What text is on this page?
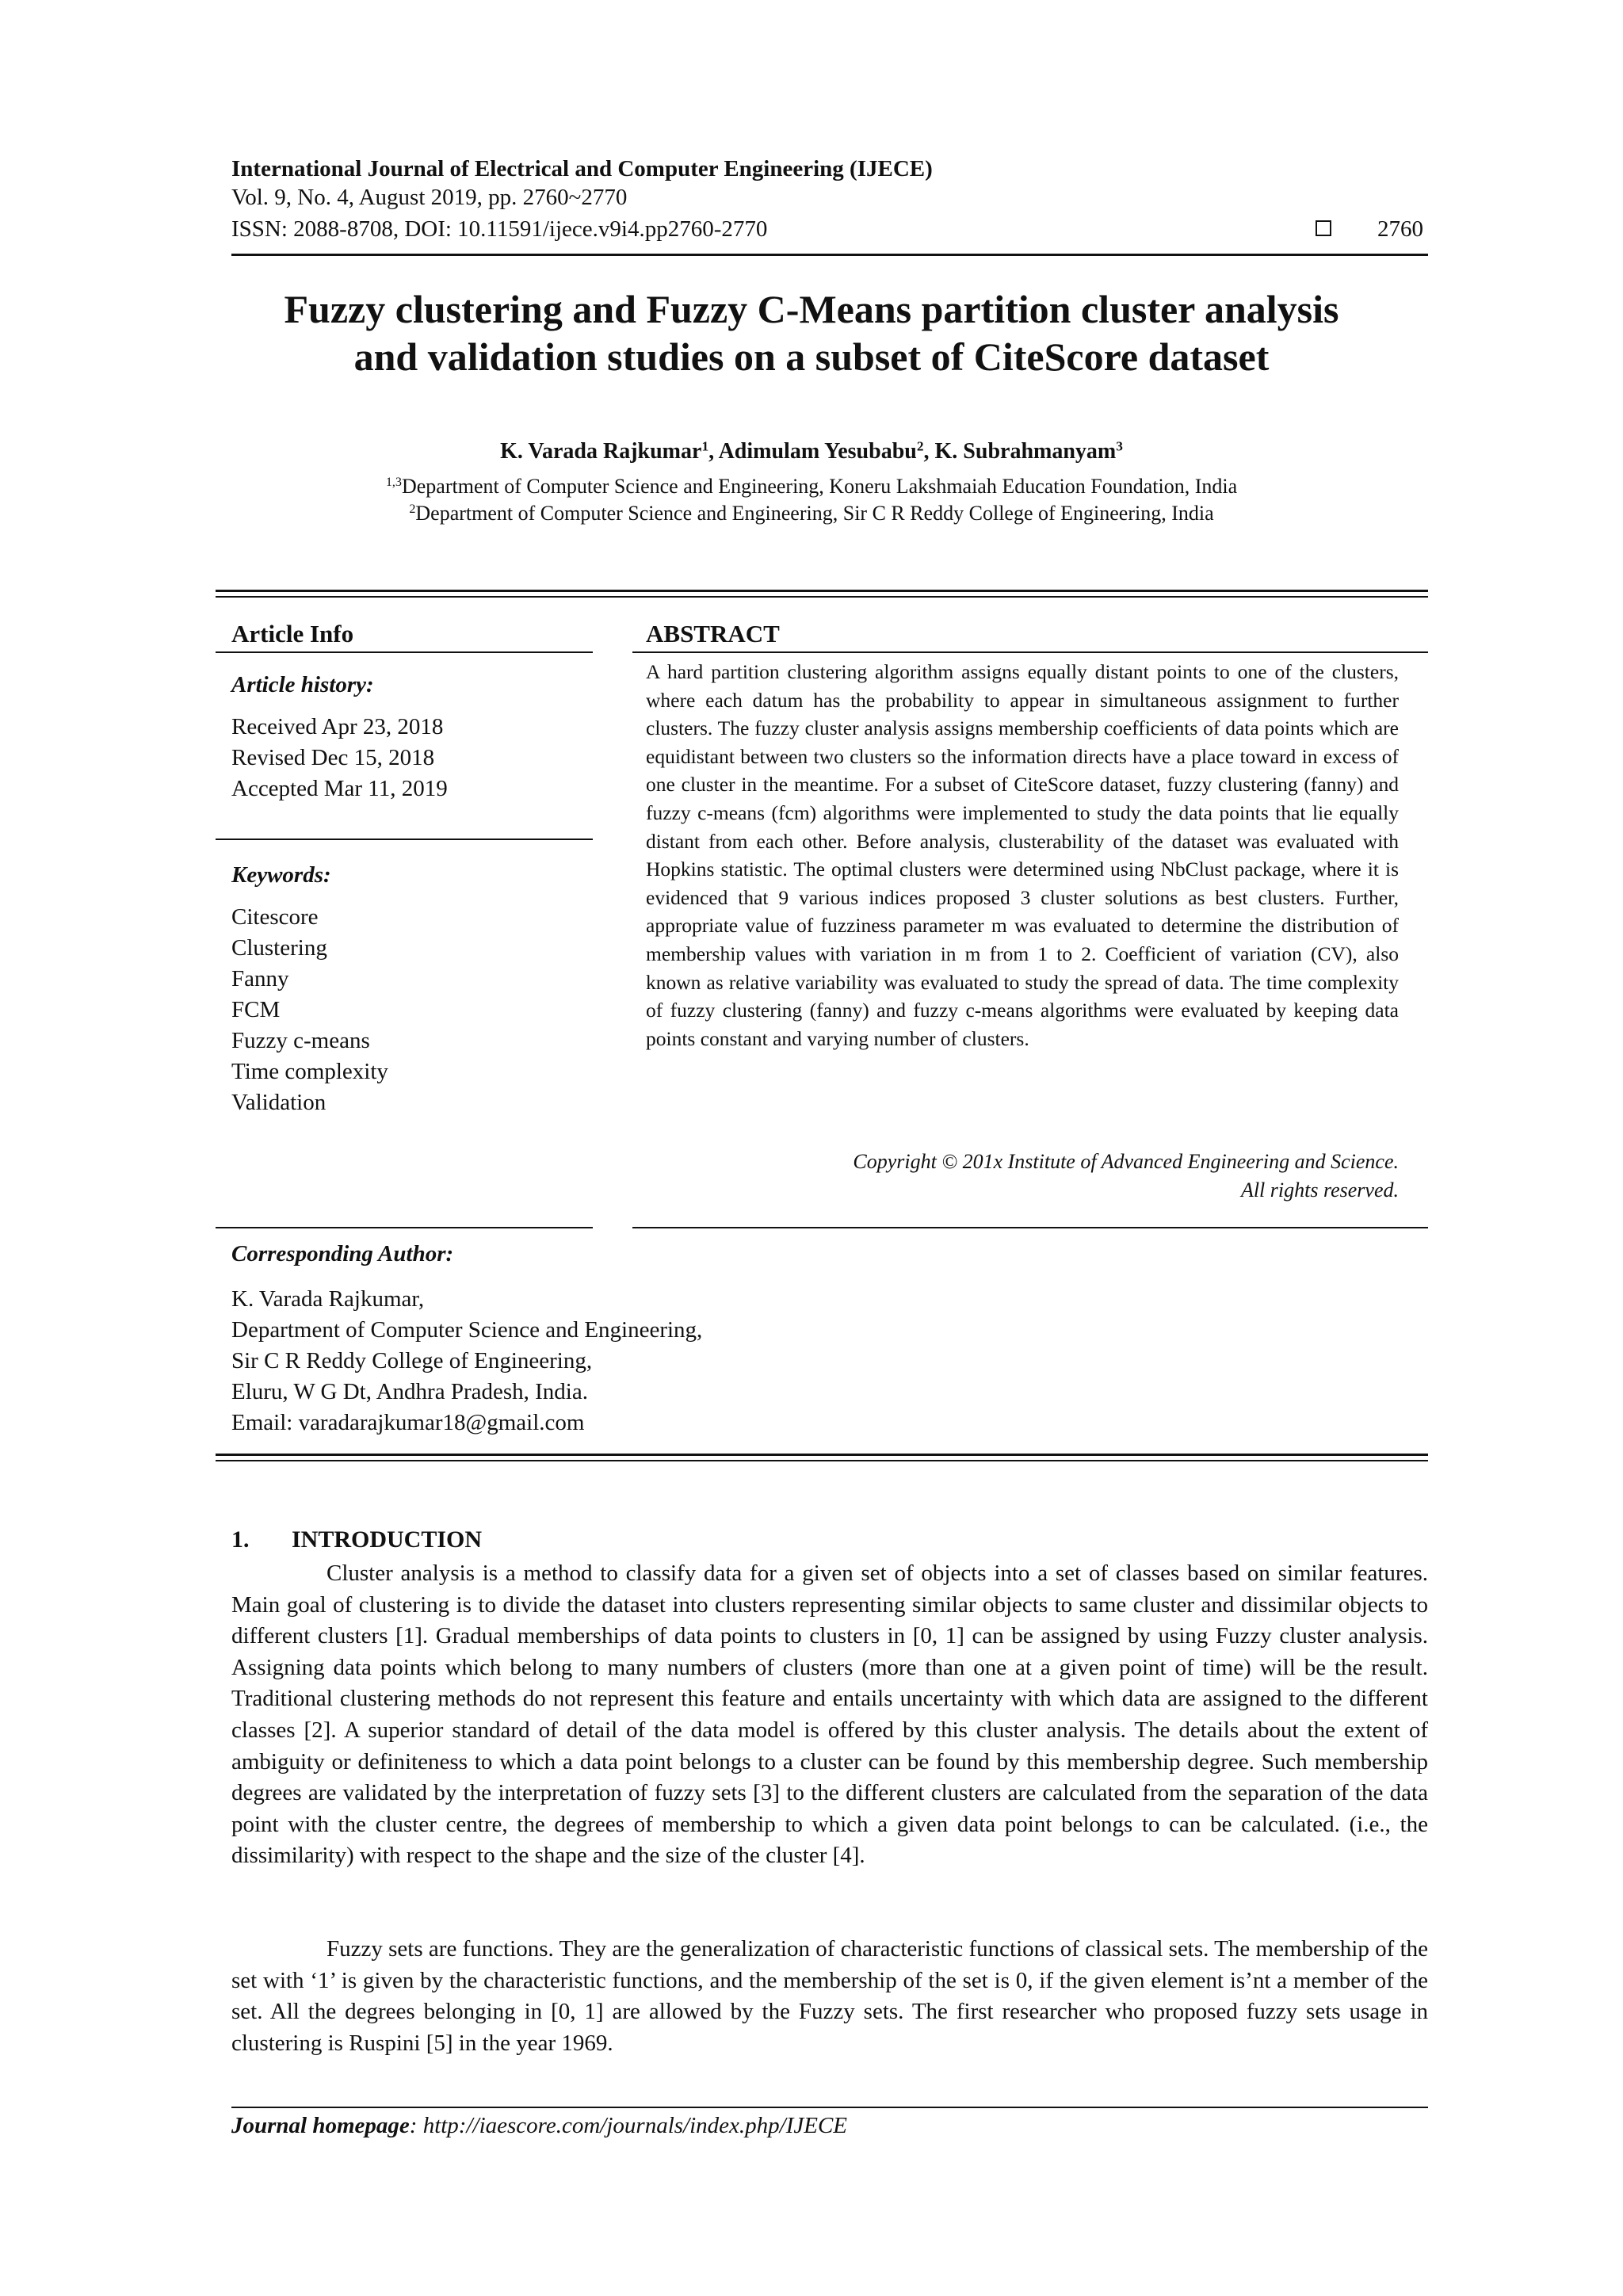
International Journal of Electrical and Computer Engineering (IJECE)
Vol. 9, No. 4, August 2019, pp. 2760~2770
ISSN: 2088-8708, DOI: 10.11591/ijece.v9i4.pp2760-2770	2760
Fuzzy clustering and Fuzzy C-Means partition cluster analysis
and validation studies on a subset of CiteScore dataset
K. Varada Rajkumar$^1$, Adimulam Yesubabu$^2$, K. Subrahmanyam$^3$
$^{1,3}$Department of Computer Science and Engineering, Koneru Lakshmaiah Education Foundation, India
$^2$Department of Computer Science and Engineering, Sir C R Reddy College of Engineering, India
Article Info
Article history:
Received Apr 23, 2018
Revised Dec 15, 2018
Accepted Mar 11, 2019
Keywords:
Citescore
Clustering
Fanny
FCM
Fuzzy c-means
Time complexity
Validation
ABSTRACT
A hard partition clustering algorithm assigns equally distant points to one of the clusters, where each datum has the probability to appear in simultaneous assignment to further clusters. The fuzzy cluster analysis assigns membership coefficients of data points which are equidistant between two clusters so the information directs have a place toward in excess of one cluster in the meantime. For a subset of CiteScore dataset, fuzzy clustering (fanny) and fuzzy c-means (fcm) algorithms were implemented to study the data points that lie equally distant from each other. Before analysis, clusterability of the dataset was evaluated with Hopkins statistic. The optimal clusters were determined using NbClust package, where it is evidenced that 9 various indices proposed 3 cluster solutions as best clusters. Further, appropriate value of fuzziness parameter m was evaluated to determine the distribution of membership values with variation in m from 1 to 2. Coefficient of variation (CV), also known as relative variability was evaluated to study the spread of data. The time complexity of fuzzy clustering (fanny) and fuzzy c-means algorithms were evaluated by keeping data points constant and varying number of clusters.
Copyright © 201x Institute of Advanced Engineering and Science.
All rights reserved.
Corresponding Author:
K. Varada Rajkumar,
Department of Computer Science and Engineering,
Sir C R Reddy College of Engineering,
Eluru, W G Dt, Andhra Pradesh, India.
Email: varadarajkumar18@gmail.com
1. INTRODUCTION

Cluster analysis is a method to classify data for a given set of objects into a set of classes based on similar features. Main goal of clustering is to divide the dataset into clusters representing similar objects to same cluster and dissimilar objects to different clusters [1]. Gradual memberships of data points to clusters in [0, 1] can be assigned by using Fuzzy cluster analysis. Assigning data points which belong to many numbers of clusters (more than one at a given point of time) will be the result. Traditional clustering methods do not represent this feature and entails uncertainty with which data are assigned to the different classes [2]. A superior standard of detail of the data model is offered by this cluster analysis. The details about the extent of ambiguity or definiteness to which a data point belongs to a cluster can be found by this membership degree. Such membership degrees are validated by the interpretation of fuzzy sets [3] to the different clusters are calculated from the separation of the data point with the cluster centre, the degrees of membership to which a given data point belongs to can be calculated. (i.e., the dissimilarity) with respect to the shape and the size of the cluster [4].

Fuzzy sets are functions. They are the generalization of characteristic functions of classical sets. The membership of the set with ‘1’ is given by the characteristic functions, and the membership of the set is 0, if the given element is’nt a member of the set. All the degrees belonging in [0, 1] are allowed by the Fuzzy sets. The first researcher who proposed fuzzy sets usage in clustering is Ruspini [5] in the year 1969.

Journal homepage: http://iaescore.com/journals/index.php/IJECE
